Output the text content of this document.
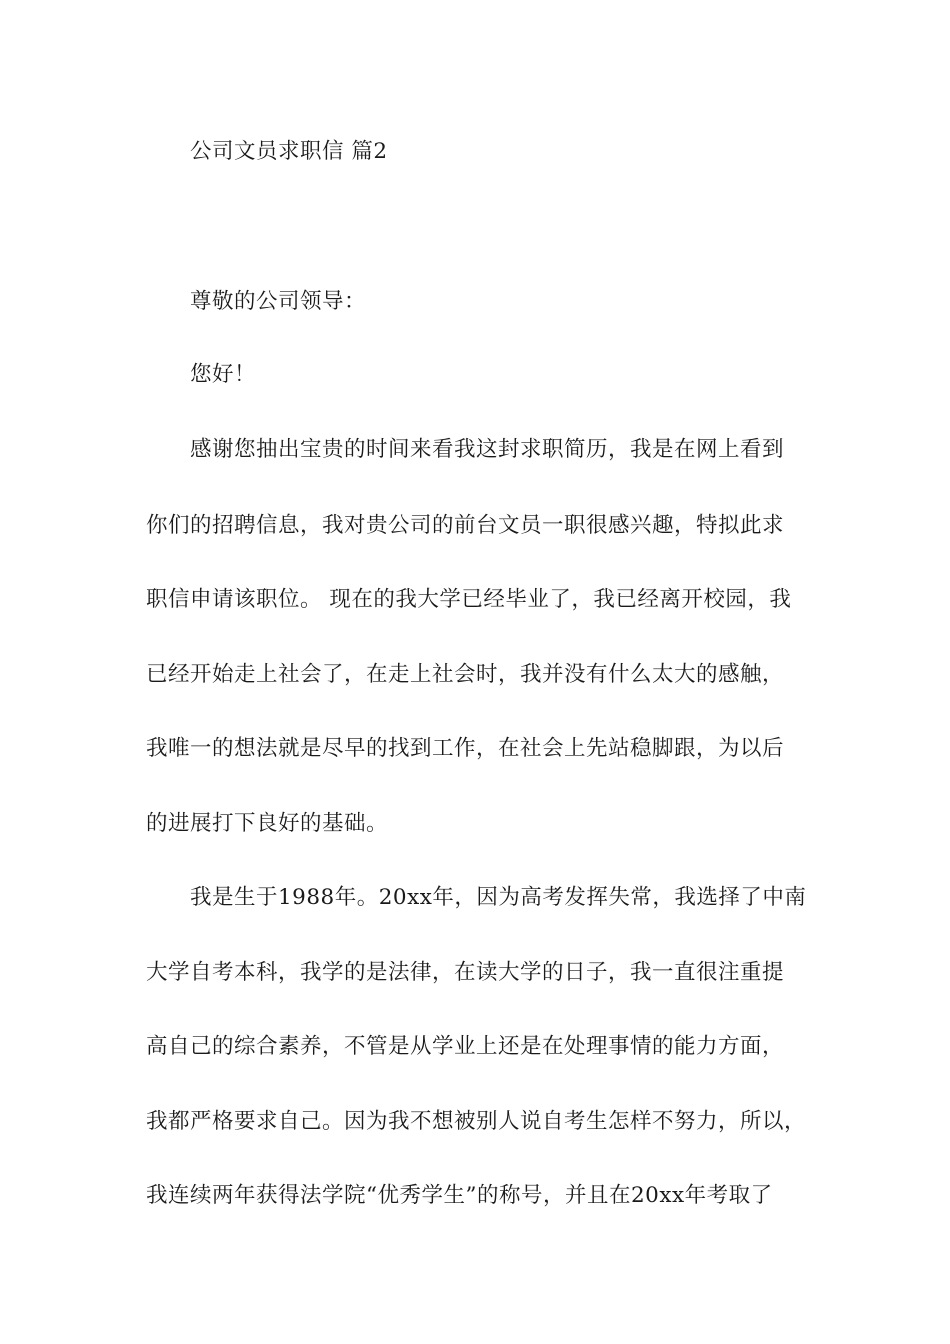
公司文员求职信 篇2
尊敬的公司领导：
您好！
感谢您抽出宝贵的时间来看我这封求职简历，我是在网上看到
你们的招聘信息，我对贵公司的前台文员一职很感兴趣，特拟此求
职信申请该职位。 现在的我大学已经毕业了，我已经离开校园，我
已经开始走上社会了，在走上社会时，我并没有什么太大的感触，
我唯一的想法就是尽早的找到工作，在社会上先站稳脚跟，为以后
的进展打下良好的基础。
我是生于1988年。20xx年，因为高考发挥失常，我选择了中南
大学自考本科，我学的是法律，在读大学的日子，我一直很注重提
高自己的综合素养，不管是从学业上还是在处理事情的能力方面，
我都严格要求自己。因为我不想被别人说自考生怎样不努力，所以，
我连续两年获得法学院“优秀学生”的称号，并且在20xx年考取了
